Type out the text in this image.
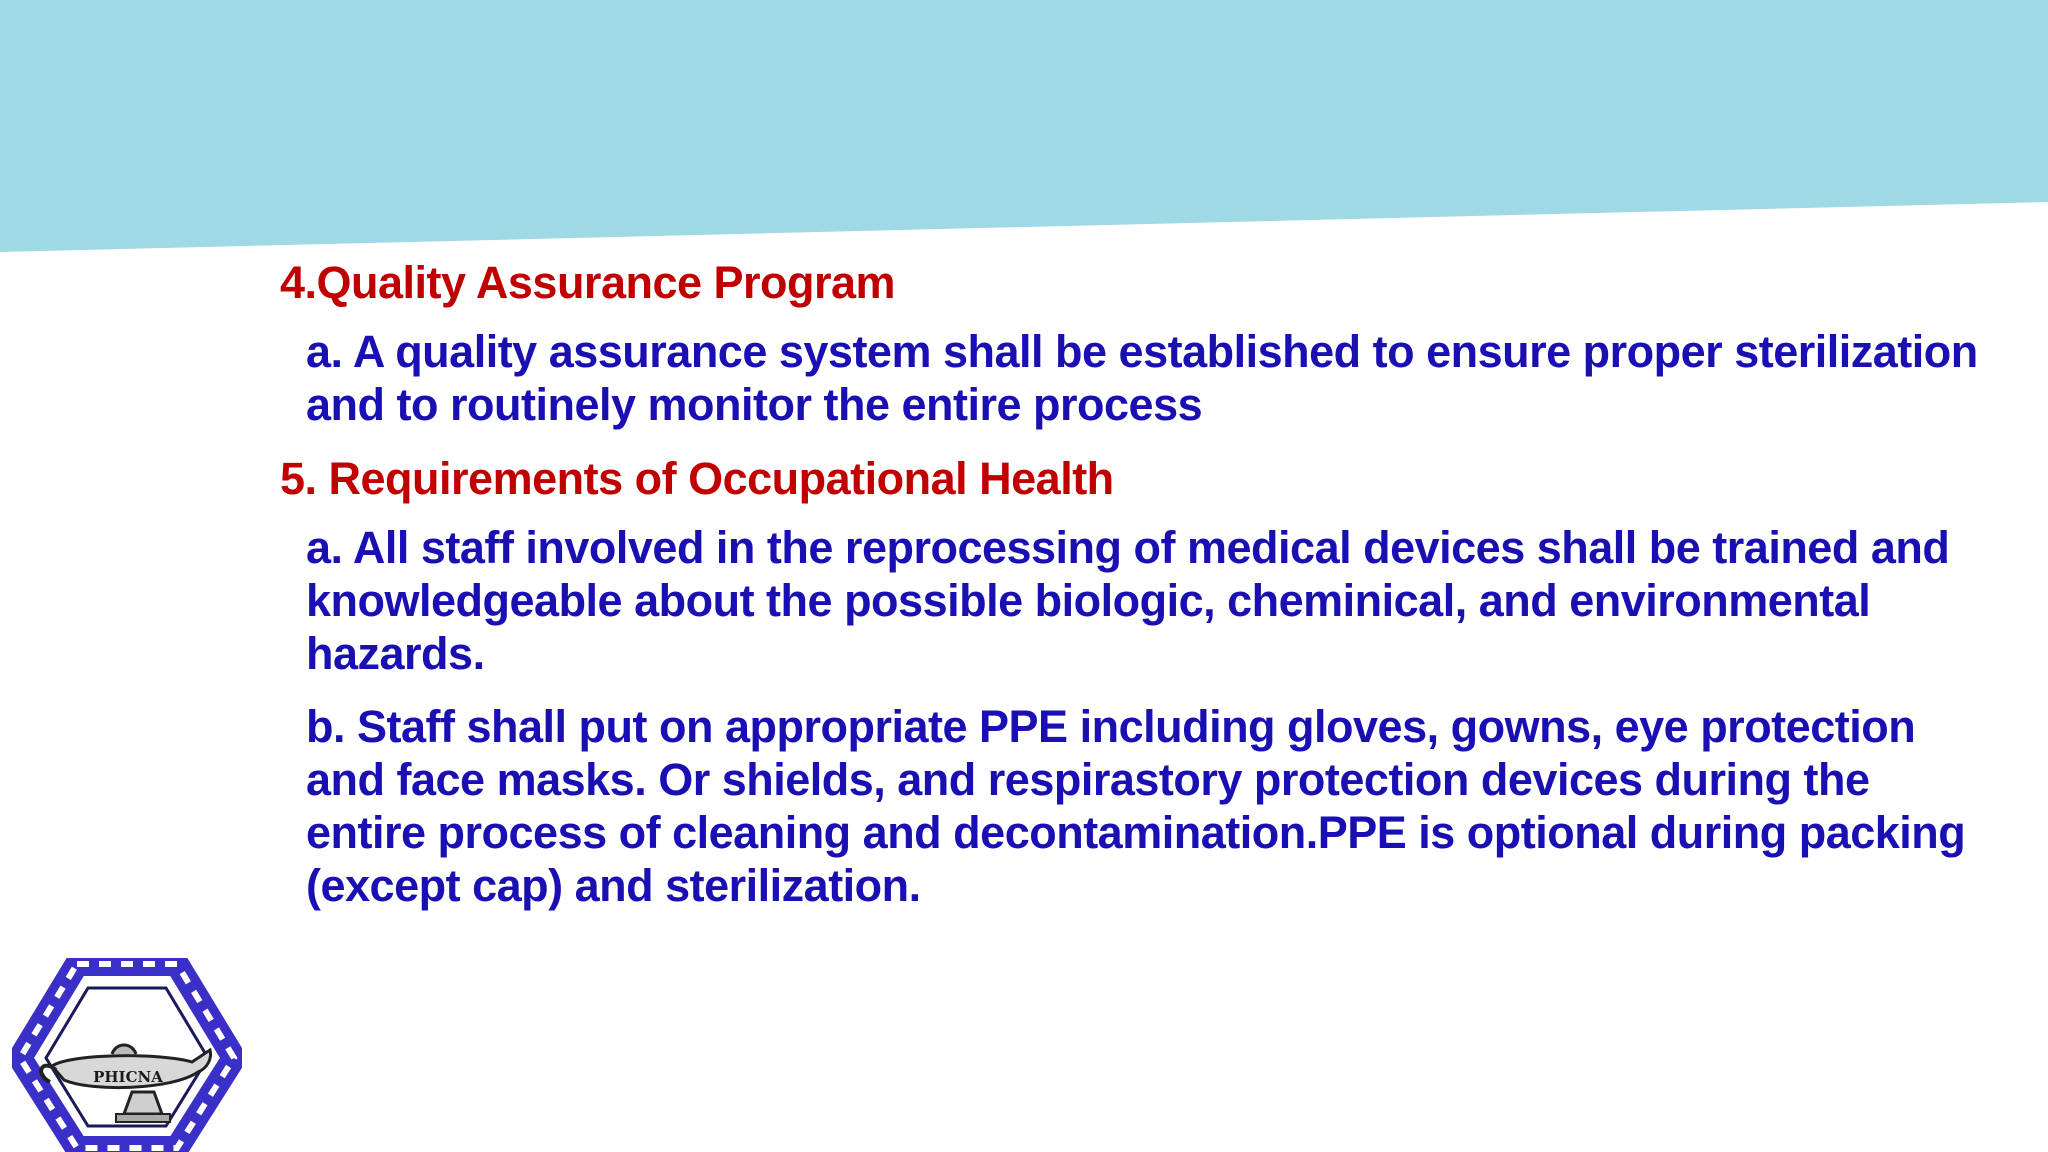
4.Quality Assurance Program
a. A quality assurance system shall be established to ensure proper sterilization and to routinely monitor the entire process
5. Requirements of Occupational Health
a. All staff involved in the reprocessing of medical devices shall be trained and knowledgeable about the possible biologic, cheminical, and environmental hazards.
b. Staff shall put on appropriate PPE including gloves, gowns, eye protection and face masks. Or shields, and respirastory protection devices during the entire process of cleaning and decontamination.PPE is optional during packing (except cap) and sterilization.
PHICNA
